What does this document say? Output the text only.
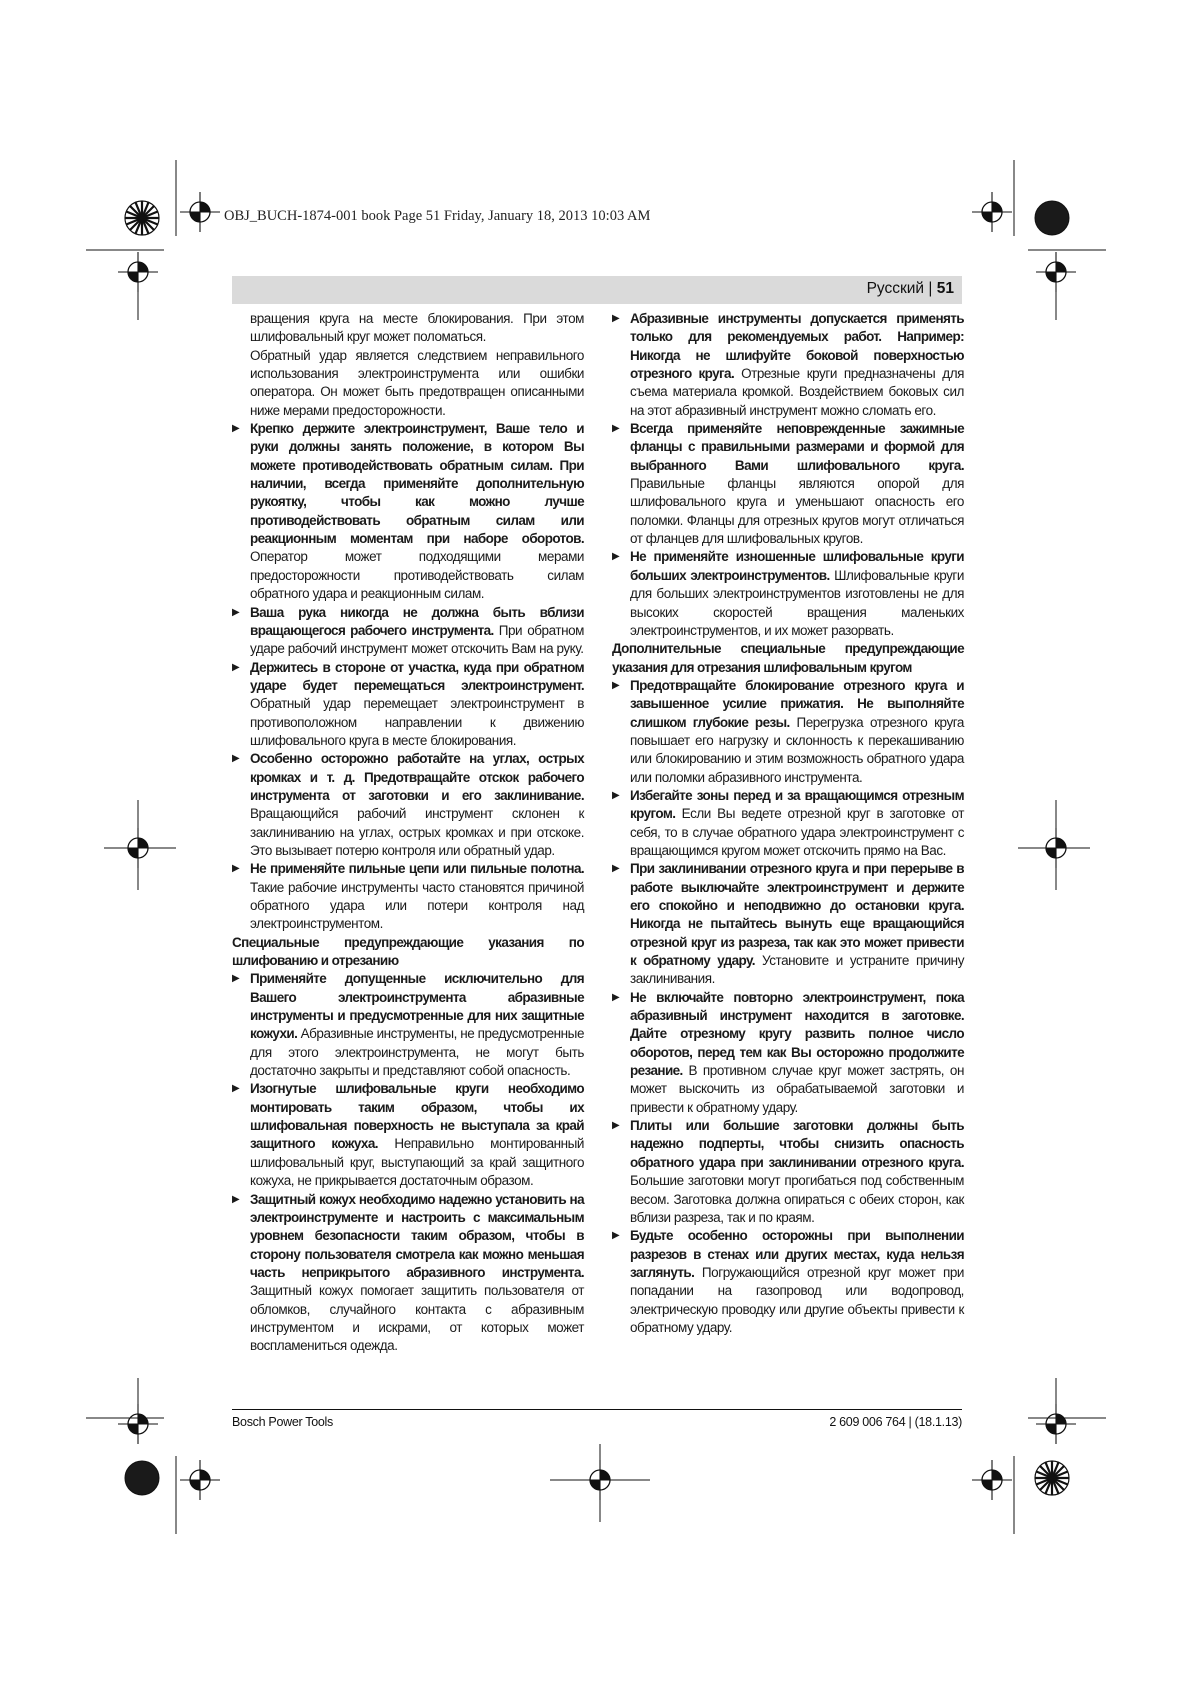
OBJ_BUCH-1874-001 book Page 51 Friday, January 18, 2013 10:03 AM
Русский | 51

вращения круга на месте блокирования. При этом шлифовальный круг может поломаться.

Обратный удар является следствием неправильного использования электроинструмента или ошибки оператора. Он может быть предотвращен описанными ниже мерами предосторожности.

▶ Крепко держите электроинструмент, Ваше тело и руки должны занять положение, в котором Вы можете противодействовать обратным силам. При наличии, всегда применяйте дополнительную рукоятку, чтобы как можно лучше противодействовать обратным силам или реакционным моментам при наборе оборотов. Оператор может подходящими мерами предосторожности противодействовать силам обратного удара и реакционным силам.

▶ Ваша рука никогда не должна быть вблизи вращающегося рабочего инструмента. При обратном ударе рабочий инструмент может отскочить Вам на руку.

▶ Держитесь в стороне от участка, куда при обратном ударе будет перемещаться электроинструмент. Обратный удар перемещает электроинструмент в противоположном направлении к движению шлифовального круга в месте блокирования.

▶ Особенно осторожно работайте на углах, острых кромках и т. д. Предотвращайте отскок рабочего инструмента от заготовки и его заклинивание. Вращающийся рабочий инструмент склонен к заклиниванию на углах, острых кромках и при отскоке. Это вызывает потерю контроля или обратный удар.

▶ Не применяйте пильные цепи или пильные полотна. Такие рабочие инструменты часто становятся причиной обратного удара или потери контроля над электроинструментом.

Специальные предупреждающие указания по шлифованию и отрезанию

▶ Применяйте допущенные исключительно для Вашего электроинструмента абразивные инструменты и предусмотренные для них защитные кожухи. Абразивные инструменты, не предусмотренные для этого электроинструмента, не могут быть достаточно закрыты и представляют собой опасность.

▶ Изогнутые шлифовальные круги необходимо монтировать таким образом, чтобы их шлифовальная поверхность не выступала за край защитного кожуха. Неправильно монтированный шлифовальный круг, выступающий за край защитного кожуха, не прикрывается достаточным образом.

▶ Защитный кожух необходимо надежно установить на электроинструменте и настроить с максимальным уровнем безопасности таким образом, чтобы в сторону пользователя смотрела как можно меньшая часть неприкрытого абразивного инструмента. Защитный кожух помогает защитить пользователя от обломков, случайного контакта с абразивным инструментом и искрами, от которых может воспламениться одежда.

▶ Абразивные инструменты допускается применять только для рекомендуемых работ. Например: Никогда не шлифуйте боковой поверхностью отрезного круга. Отрезные круги предназначены для съема материала кромкой. Воздействием боковых сил на этот абразивный инструмент можно сломать его.

▶ Всегда применяйте неповрежденные зажимные фланцы с правильными размерами и формой для выбранного Вами шлифовального круга. Правильные фланцы являются опорой для шлифовального круга и уменьшают опасность его поломки. Фланцы для отрезных кругов могут отличаться от фланцев для шлифовальных кругов.

▶ Не применяйте изношенные шлифовальные круги больших электроинструментов. Шлифовальные круги для больших электроинструментов изготовлены не для высоких скоростей вращения маленьких электроинструментов, и их может разорвать.

Дополнительные специальные предупреждающие указания для отрезания шлифовальным кругом

▶ Предотвращайте блокирование отрезного круга и завышенное усилие прижатия. Не выполняйте слишком глубокие резы. Перегрузка отрезного круга повышает его нагрузку и склонность к перекашиванию или блокированию и этим возможность обратного удара или поломки абразивного инструмента.

▶ Избегайте зоны перед и за вращающимся отрезным кругом. Если Вы ведете отрезной круг в заготовке от себя, то в случае обратного удара электроинструмент с вращающимся кругом может отскочить прямо на Вас.

▶ При заклинивании отрезного круга и при перерыве в работе выключайте электроинструмент и держите его спокойно и неподвижно до остановки круга. Никогда не пытайтесь вынуть еще вращающийся отрезной круг из разреза, так как это может привести к обратному удару. Установите и устраните причину заклинивания.

▶ Не включайте повторно электроинструмент, пока абразивный инструмент находится в заготовке. Дайте отрезному кругу развить полное число оборотов, перед тем как Вы осторожно продолжите резание. В противном случае круг может застрять, он может выскочить из обрабатываемой заготовки и привести к обратному удару.

▶ Плиты или большие заготовки должны быть надежно подперты, чтобы снизить опасность обратного удара при заклинивании отрезного круга. Большие заготовки могут прогибаться под собственным весом. Заготовка должна опираться с обеих сторон, как вблизи разреза, так и по краям.

▶ Будьте особенно осторожны при выполнении разрезов в стенах или других местах, куда нельзя заглянуть. Погружающийся отрезной круг может при попадании на газопровод или водопровод, электрическую проводку или другие объекты привести к обратному удару.

Bosch Power Tools	2 609 006 764 | (18.1.13)
